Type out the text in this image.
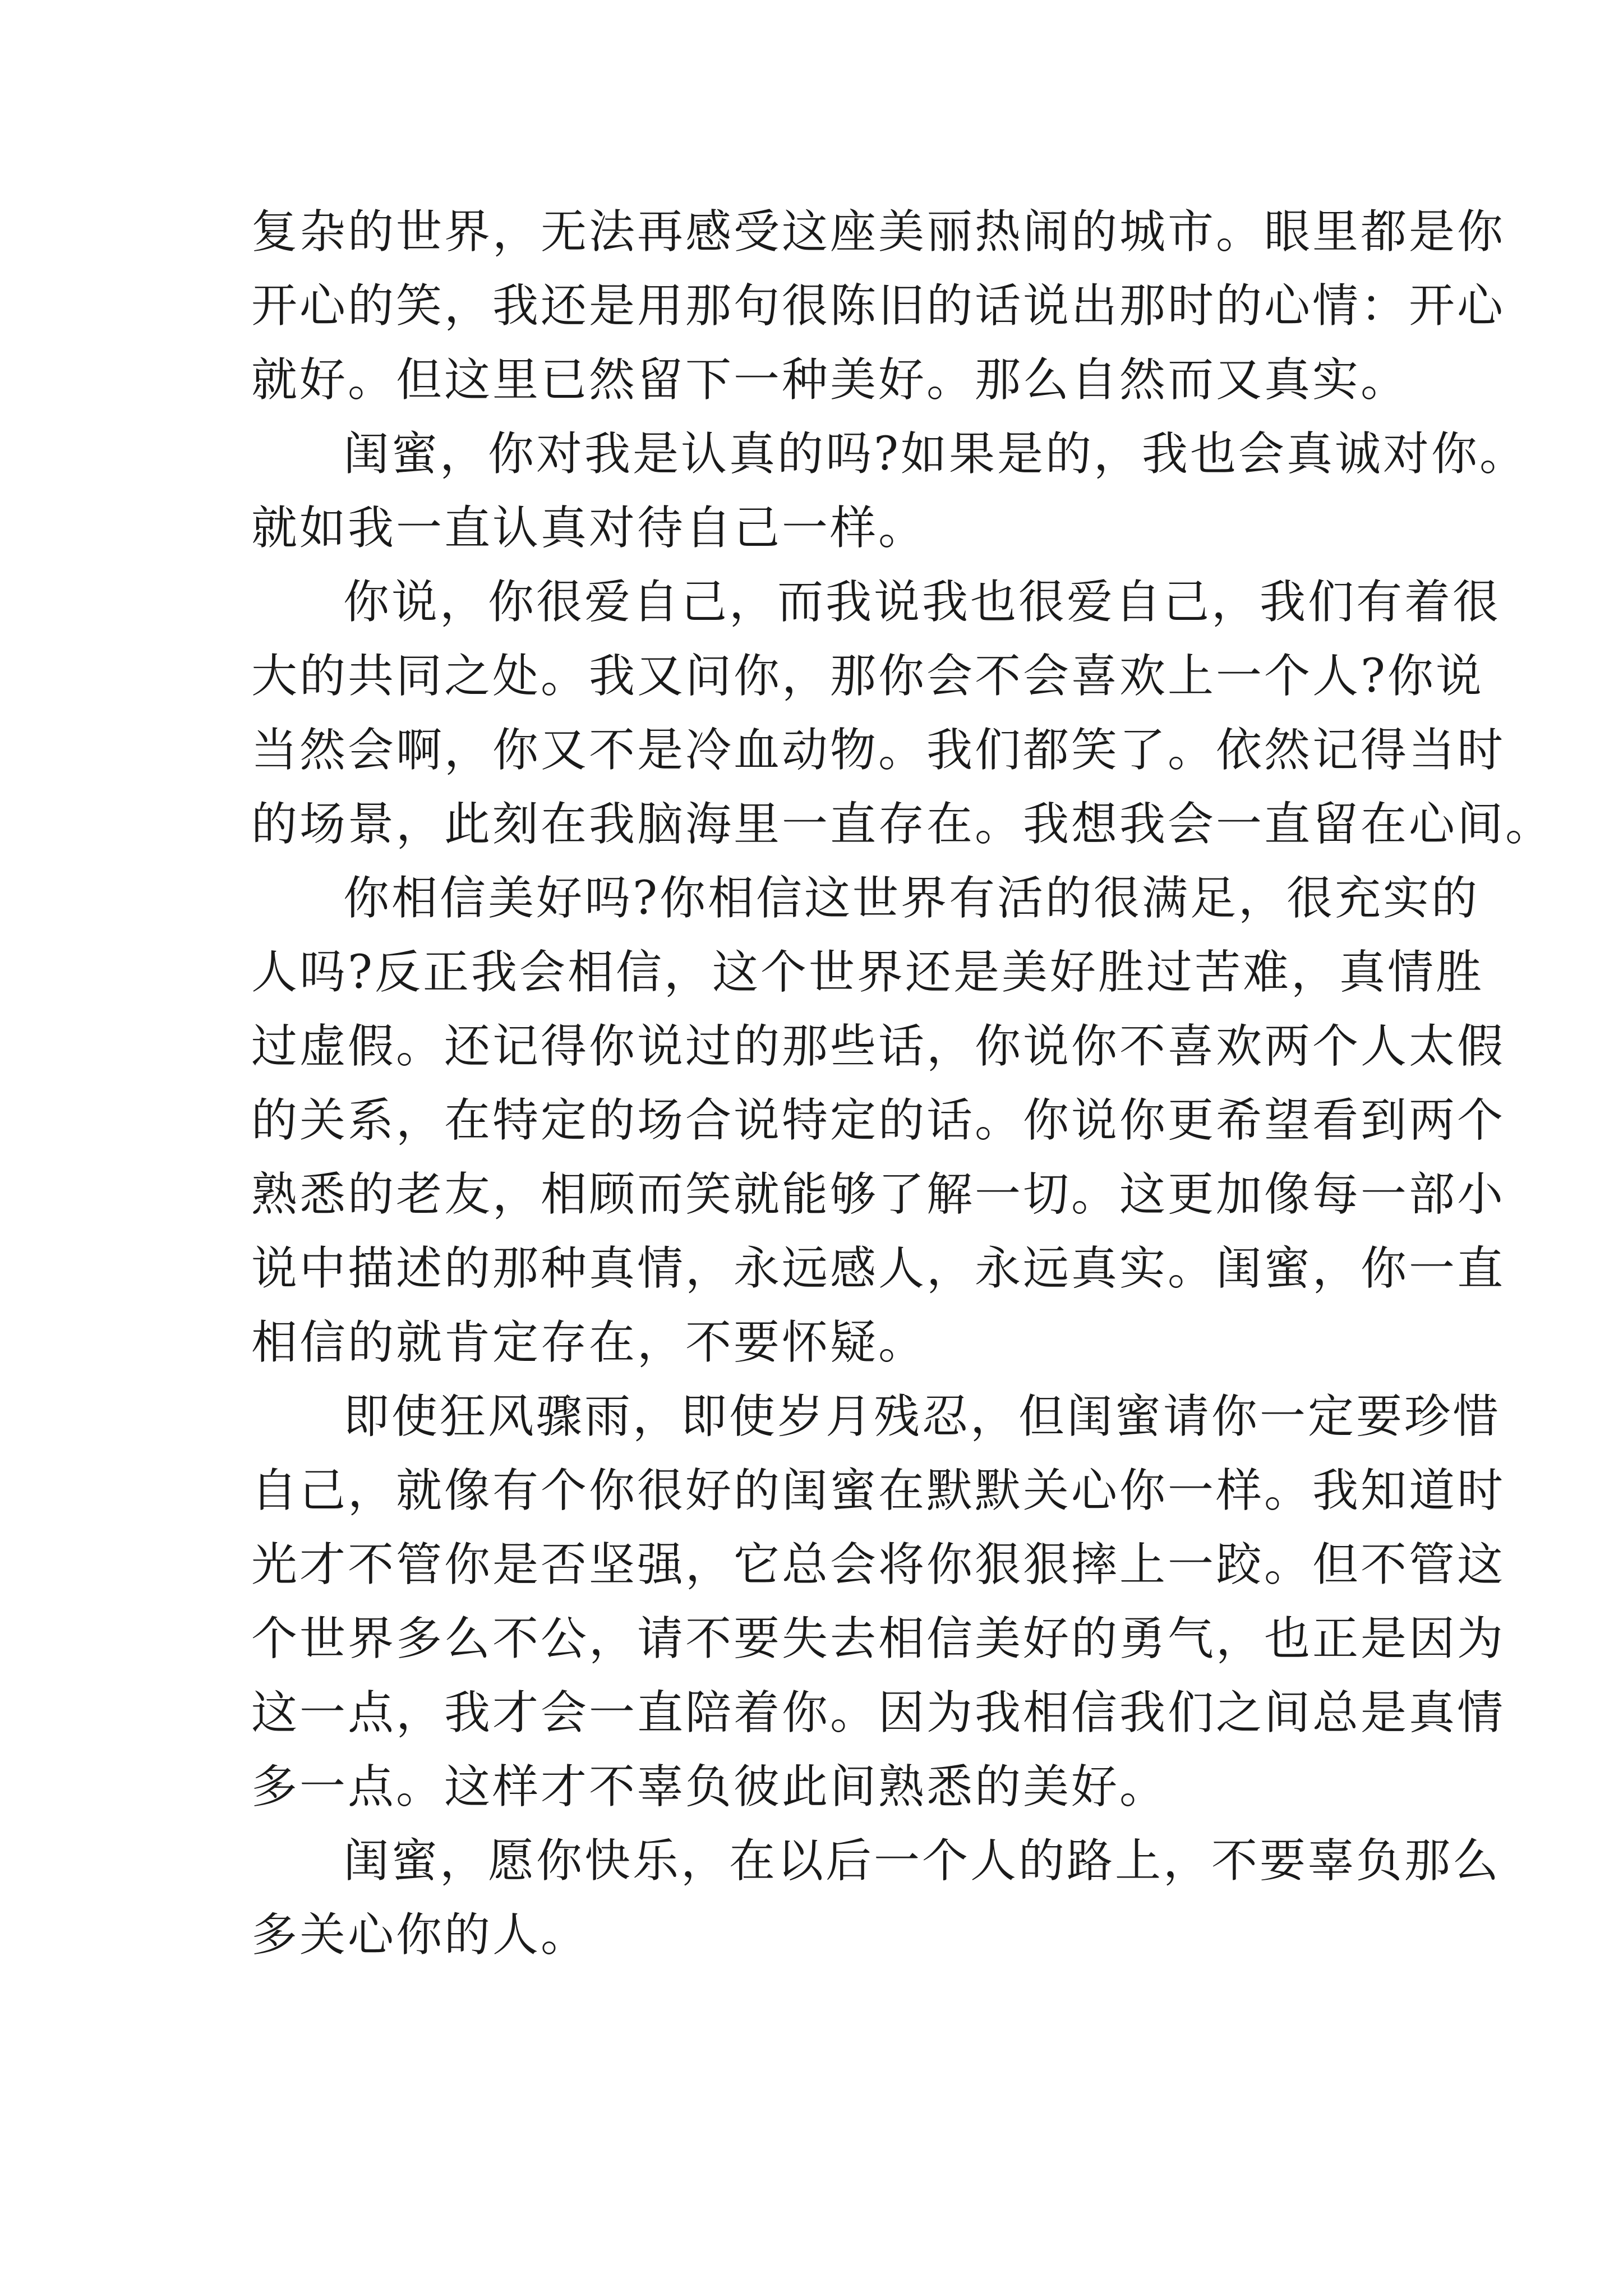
复杂的世界，无法再感受这座美丽热闹的城市。眼里都是你
开心的笑，我还是用那句很陈旧的话说出那时的心情：开心
就好。但这里已然留下一种美好。那么自然而又真实。
闺蜜，你对我是认真的吗?如果是的，我也会真诚对你。
就如我一直认真对待自己一样。
你说，你很爱自己，而我说我也很爱自己，我们有着很
大的共同之处。我又问你，那你会不会喜欢上一个人?你说
当然会啊，你又不是冷血动物。我们都笑了。依然记得当时
的场景，此刻在我脑海里一直存在。我想我会一直留在心间。
你相信美好吗?你相信这世界有活的很满足，很充实的
人吗?反正我会相信，这个世界还是美好胜过苦难，真情胜
过虚假。还记得你说过的那些话，你说你不喜欢两个人太假
的关系，在特定的场合说特定的话。你说你更希望看到两个
熟悉的老友，相顾而笑就能够了解一切。这更加像每一部小
说中描述的那种真情，永远感人，永远真实。闺蜜，你一直
相信的就肯定存在，不要怀疑。
即使狂风骤雨，即使岁月残忍，但闺蜜请你一定要珍惜
自己，就像有个你很好的闺蜜在默默关心你一样。我知道时
光才不管你是否坚强，它总会将你狠狠摔上一跤。但不管这
个世界多么不公，请不要失去相信美好的勇气，也正是因为
这一点，我才会一直陪着你。因为我相信我们之间总是真情
多一点。这样才不辜负彼此间熟悉的美好。
闺蜜，愿你快乐，在以后一个人的路上，不要辜负那么
多关心你的人。
